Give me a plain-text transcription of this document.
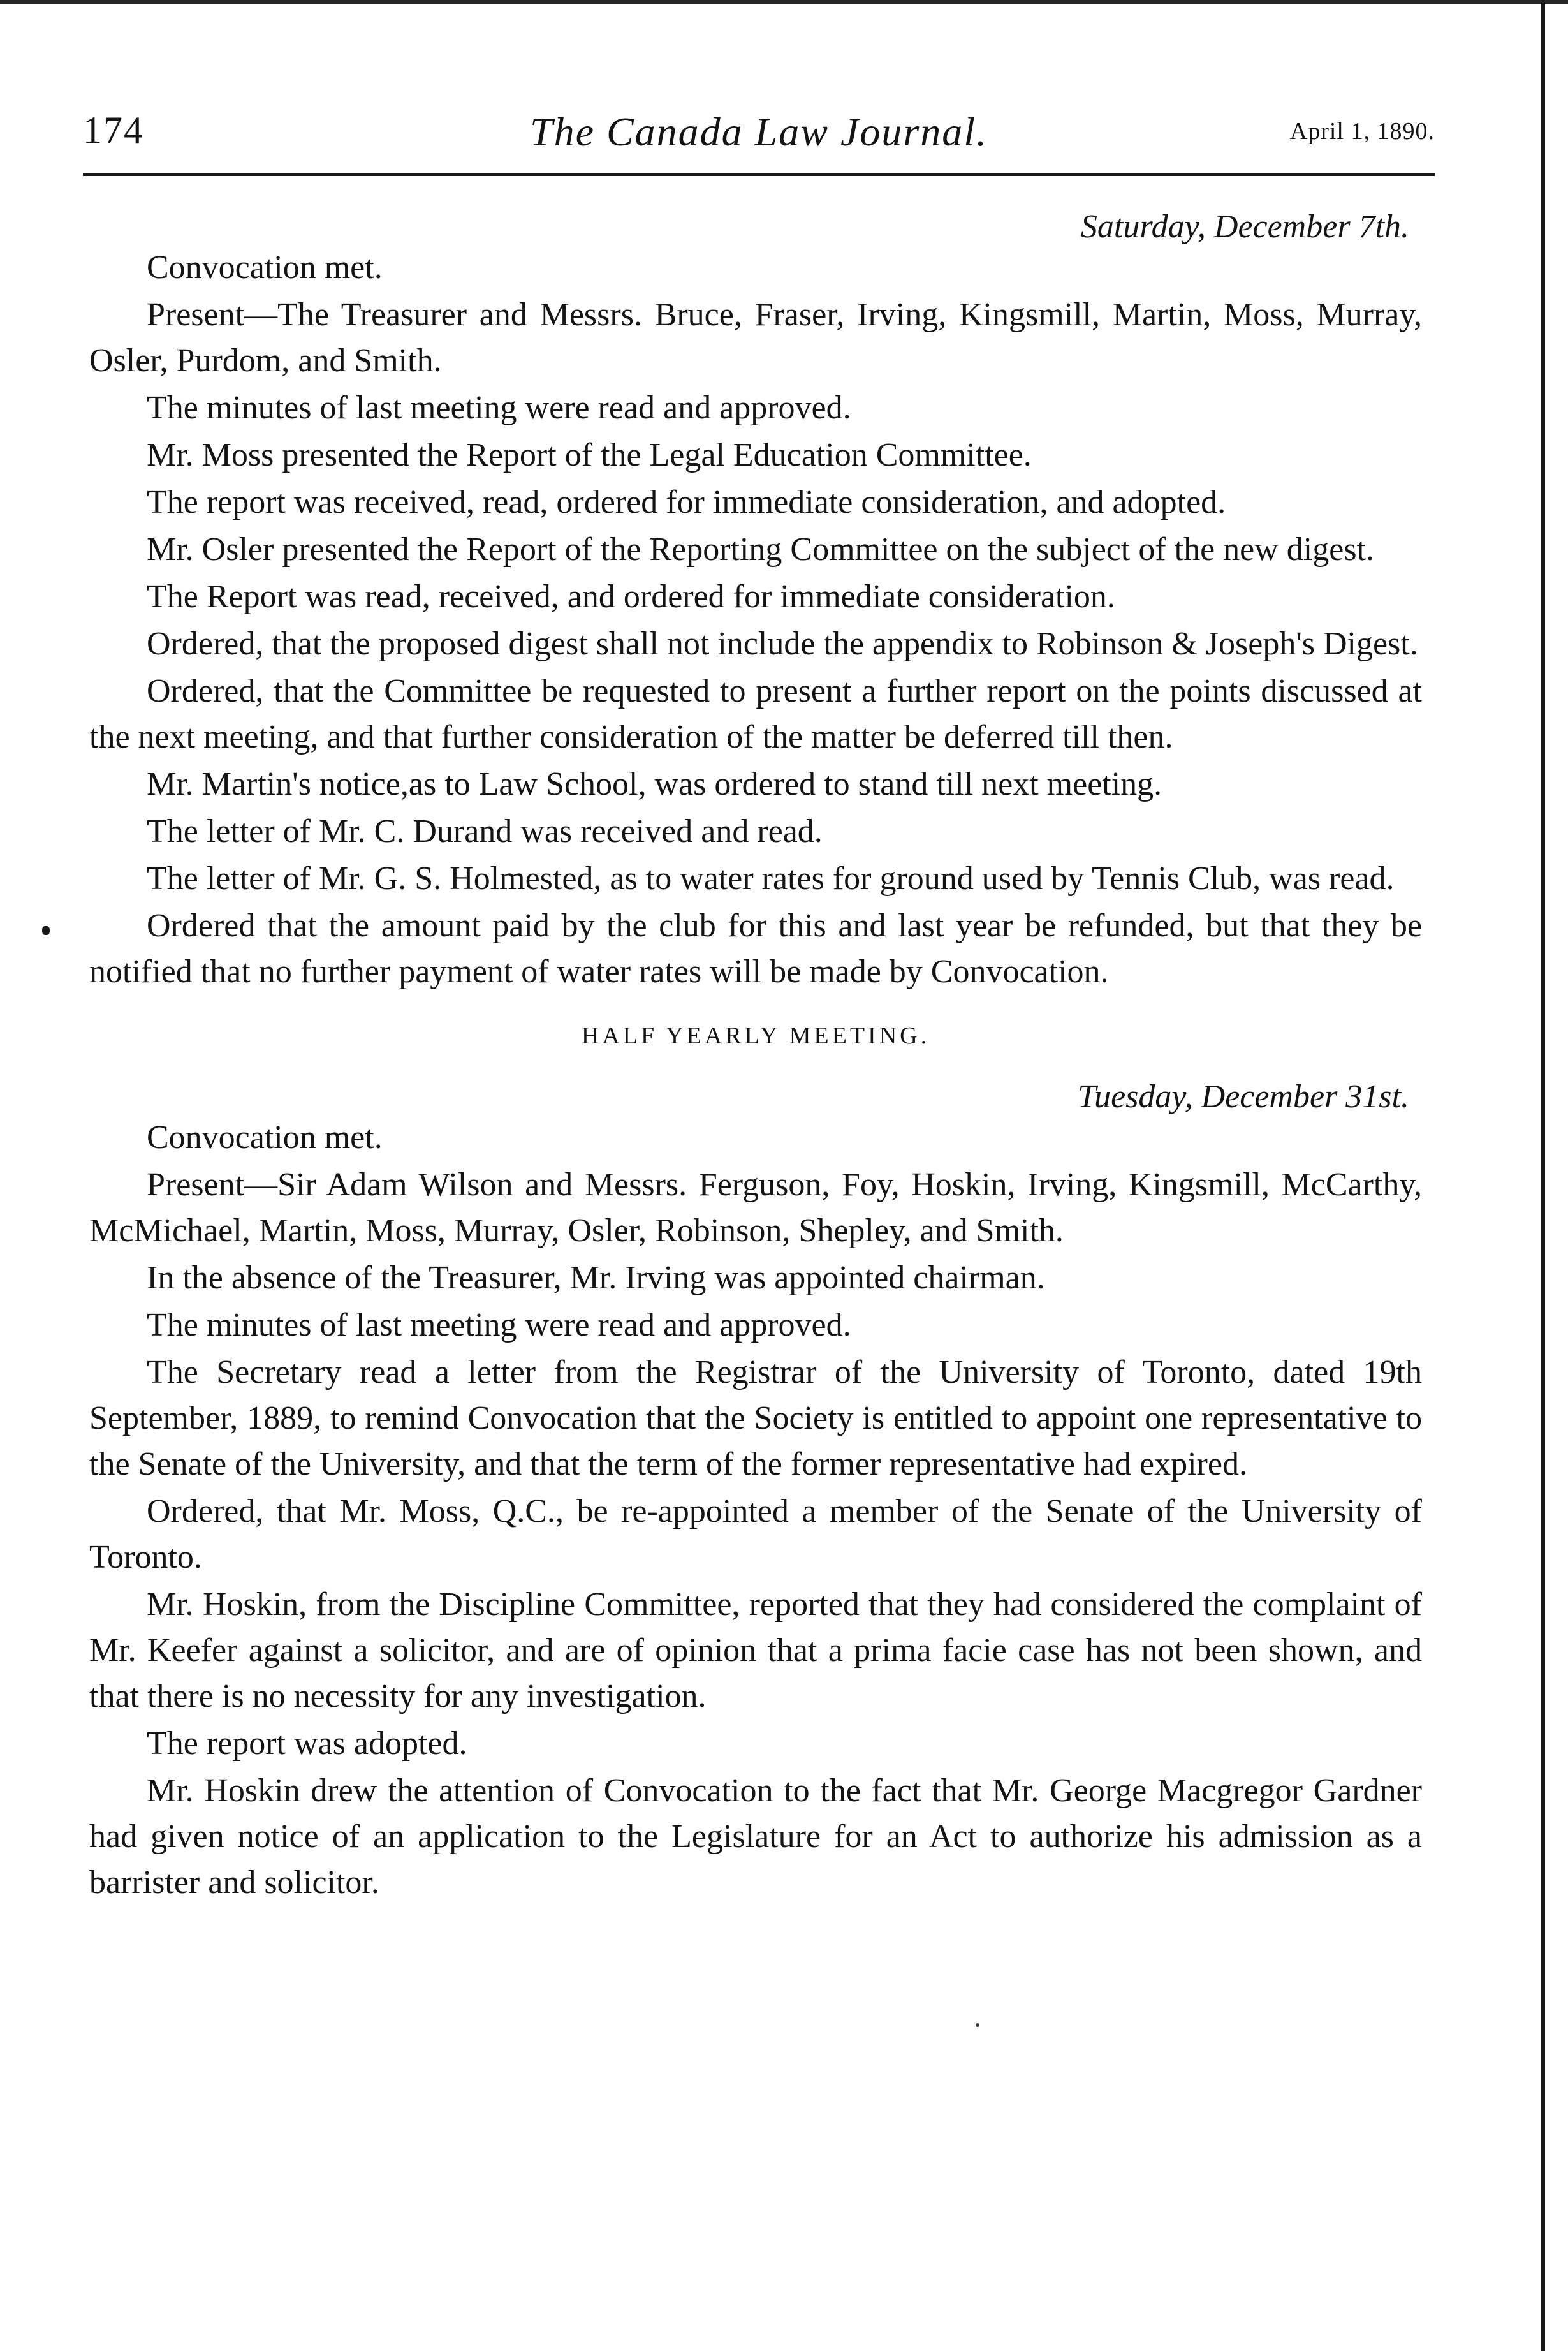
174	The Canada Law Journal.	April 1, 1890.
Saturday, December 7th.

Convocation met.

Present—The Treasurer and Messrs. Bruce, Fraser, Irving, Kingsmill, Martin, Moss, Murray, Osler, Purdom, and Smith.

The minutes of last meeting were read and approved.

Mr. Moss presented the Report of the Legal Education Committee.

The report was received, read, ordered for immediate consideration, and adopted.

Mr. Osler presented the Report of the Reporting Committee on the subject of the new digest.

The Report was read, received, and ordered for immediate consideration.

Ordered, that the proposed digest shall not include the appendix to Robinson & Joseph's Digest.

Ordered, that the Committee be requested to present a further report on the points discussed at the next meeting, and that further consideration of the matter be deferred till then.

Mr. Martin's notice,as to Law School, was ordered to stand till next meeting.

The letter of Mr. C. Durand was received and read.

The letter of Mr. G. S. Holmested, as to water rates for ground used by Tennis Club, was read.

Ordered that the amount paid by the club for this and last year be refunded, but that they be notified that no further payment of water rates will be made by Convocation.

HALF YEARLY MEETING.
Tuesday, December 31st.

Convocation met.

Present—Sir Adam Wilson and Messrs. Ferguson, Foy, Hoskin, Irving, Kingsmill, McCarthy, McMichael, Martin, Moss, Murray, Osler, Robinson, Shepley, and Smith.

In the absence of the Treasurer, Mr. Irving was appointed chairman.

The minutes of last meeting were read and approved.

The Secretary read a letter from the Registrar of the University of Toronto, dated 19th September, 1889, to remind Convocation that the Society is entitled to appoint one representative to the Senate of the University, and that the term of the former representative had expired.

Ordered, that Mr. Moss, Q.C., be re-appointed a member of the Senate of the University of Toronto.

Mr. Hoskin, from the Discipline Committee, reported that they had considered the complaint of Mr. Keefer against a solicitor, and are of opinion that a prima facie case has not been shown, and that there is no necessity for any investigation.

The report was adopted.

Mr. Hoskin drew the attention of Convocation to the fact that Mr. George Macgregor Gardner had given notice of an application to the Legislature for an Act to authorize his admission as a barrister and solicitor.
